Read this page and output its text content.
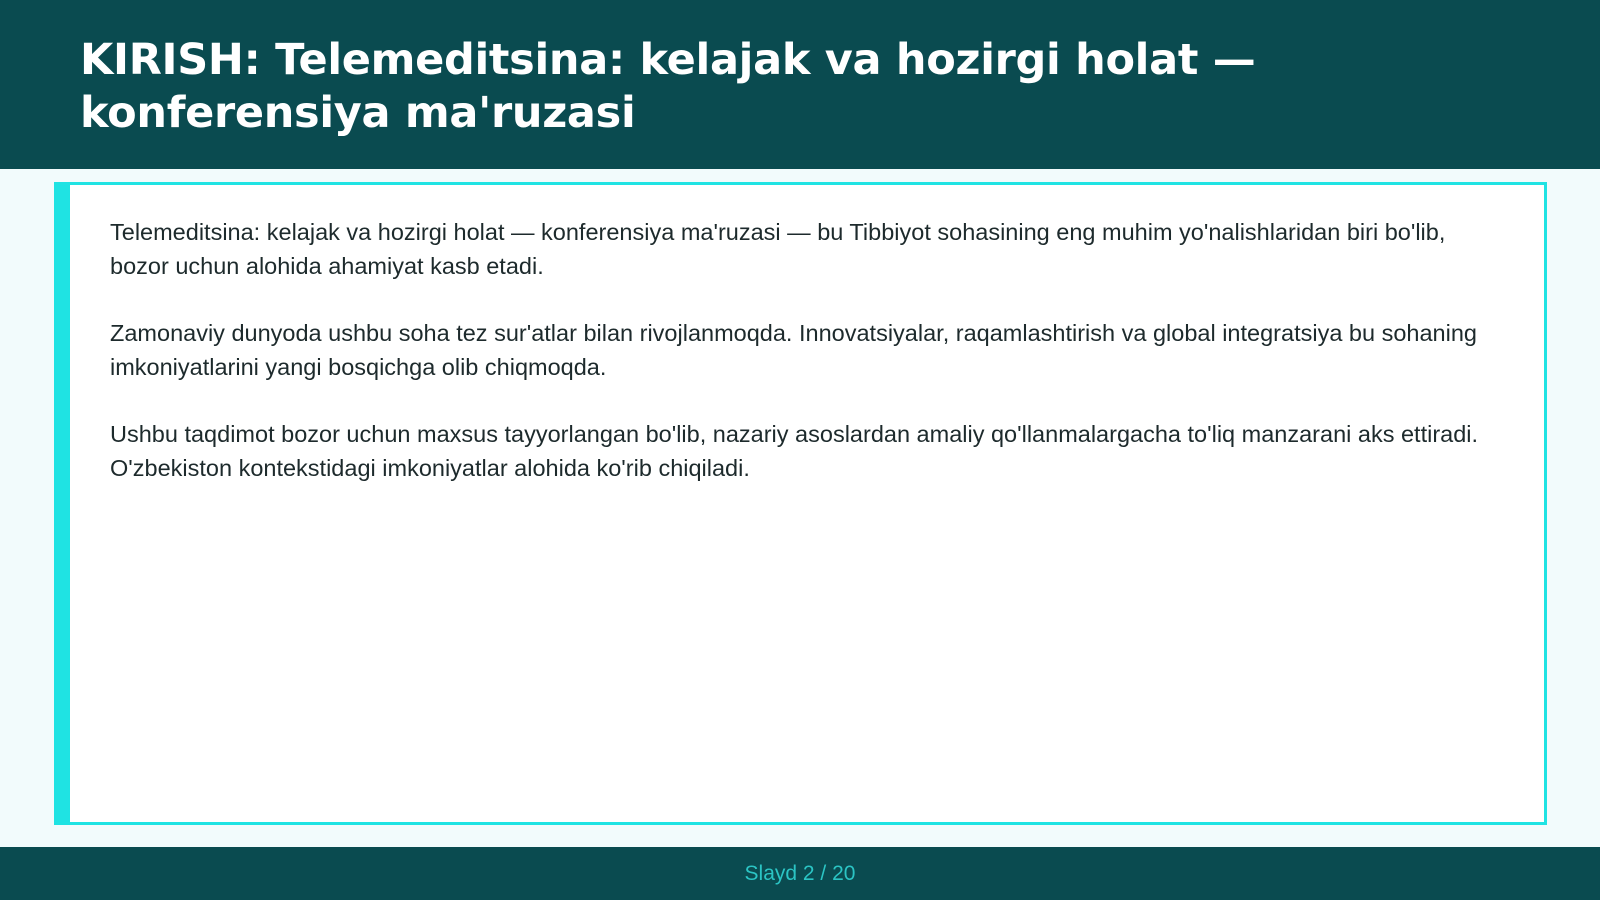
KIRISH: Telemeditsina: kelajak va hozirgi holat — konferensiya ma'ruzasi

Telemeditsina: kelajak va hozirgi holat — konferensiya ma'ruzasi — bu Tibbiyot sohasining eng muhim yo'nalishlaridan biri bo'lib, bozor uchun alohida ahamiyat kasb etadi.

Zamonaviy dunyoda ushbu soha tez sur'atlar bilan rivojlanmoqda. Innovatsiyalar, raqamlashtirish va global integratsiya bu sohaning imkoniyatlarini yangi bosqichga olib chiqmoqda.

Ushbu taqdimot bozor uchun maxsus tayyorlangan bo'lib, nazariy asoslardan amaliy qo'llanmalargacha to'liq manzarani aks ettiradi. O'zbekiston kontekstidagi imkoniyatlar alohida ko'rib chiqiladi.

Slayd 2 / 20
